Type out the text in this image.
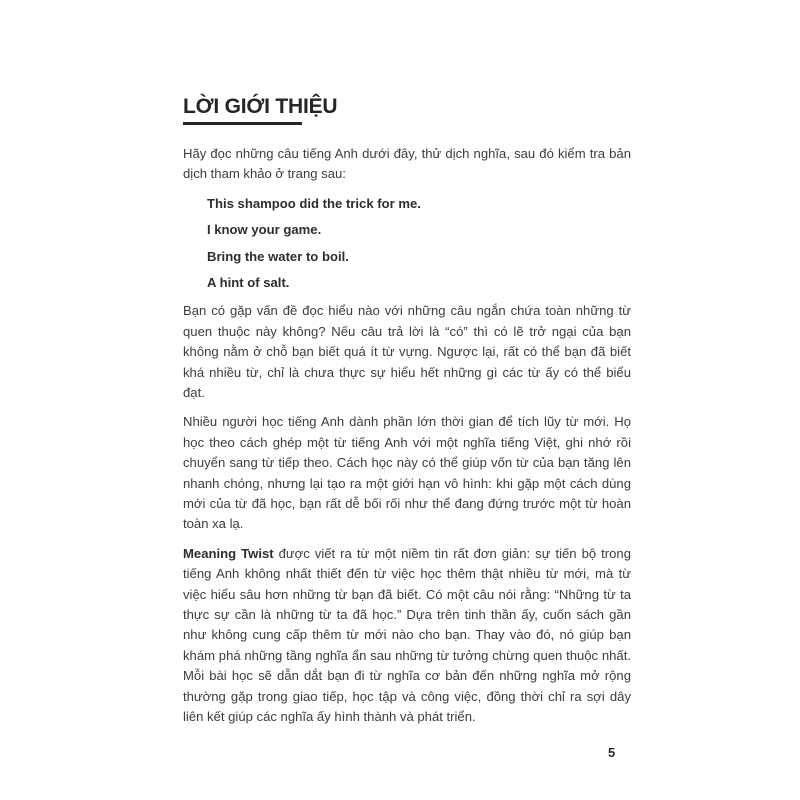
LỜI GIỚI THIỆU

Hãy đọc những câu tiếng Anh dưới đây, thử dịch nghĩa, sau đó kiểm tra bản dịch tham khảo ở trang sau:

This shampoo did the trick for me.
I know your game.
Bring the water to boil.
A hint of salt.

Bạn có gặp vấn đề đọc hiểu nào với những câu ngắn chứa toàn những từ quen thuộc này không? Nếu câu trả lời là “có” thì có lẽ trở ngại của bạn không nằm ở chỗ bạn biết quá ít từ vựng. Ngược lại, rất có thể bạn đã biết khá nhiều từ, chỉ là chưa thực sự hiểu hết những gì các từ ấy có thể biểu đạt.

Nhiều người học tiếng Anh dành phần lớn thời gian để tích lũy từ mới. Họ học theo cách ghép một từ tiếng Anh với một nghĩa tiếng Việt, ghi nhớ rồi chuyển sang từ tiếp theo. Cách học này có thể giúp vốn từ của bạn tăng lên nhanh chóng, nhưng lại tạo ra một giới hạn vô hình: khi gặp một cách dùng mới của từ đã học, bạn rất dễ bối rối như thể đang đứng trước một từ hoàn toàn xa lạ.

Meaning Twist được viết ra từ một niềm tin rất đơn giản: sự tiến bộ trong tiếng Anh không nhất thiết đến từ việc học thêm thật nhiều từ mới, mà từ việc hiểu sâu hơn những từ bạn đã biết. Có một câu nói rằng: “Những từ ta thực sự cần là những từ ta đã học.” Dựa trên tinh thần ấy, cuốn sách gần như không cung cấp thêm từ mới nào cho bạn. Thay vào đó, nó giúp bạn khám phá những tầng nghĩa ẩn sau những từ tưởng chừng quen thuộc nhất. Mỗi bài học sẽ dẫn dắt bạn đi từ nghĩa cơ bản đến những nghĩa mở rộng thường gặp trong giao tiếp, học tập và công việc, đồng thời chỉ ra sợi dây liên kết giúp các nghĩa ấy hình thành và phát triển.

5
